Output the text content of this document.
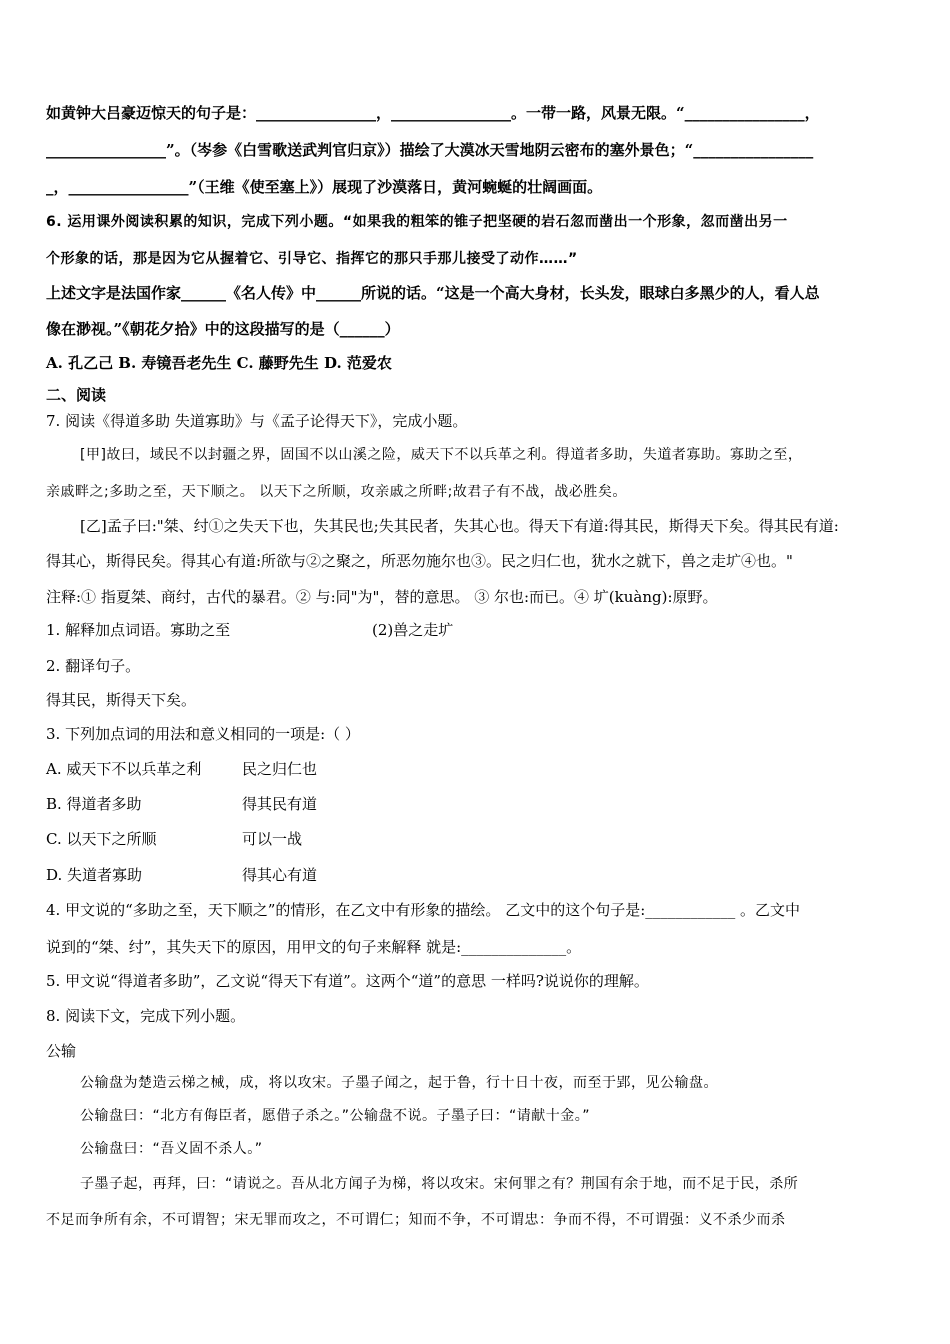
如黄钟大吕豪迈惊天的句子是：________________，________________。一带一路，风景无限。“________________，
________________”。（岑参《白雪歌送武判官归京》）描绘了大漠冰天雪地阴云密布的塞外景色；“________________
_，________________”（王维《使至塞上》）展现了沙漠落日，黄河蜿蜒的壮阔画面。
6. 运用课外阅读积累的知识，完成下列小题。“如果我的粗笨的锥子把坚硬的岩石忽而凿出一个形象，忽而凿出另一
个形象的话，那是因为它从握着它、引导它、指挥它的那只手那儿接受了动作……”
上述文字是法国作家______《名人传》中______所说的话。“这是一个高大身材，长头发，眼球白多黑少的人，看人总
像在渺视。”《朝花夕拾》中的这段描写的是（______）
A. 孔乙己 B. 寿镜吾老先生 C. 藤野先生 D. 范爱农
二、阅读
7. 阅读《得道多助 失道寡助》与《孟子论得天下》，完成小题。
[甲]故曰，域民不以封疆之界，固国不以山溪之险，威天下不以兵革之利。得道者多助，失道者寡助。寡助之至，
亲戚畔之;多助之至，天下顺之。 以天下之所顺，攻亲戚之所畔;故君子有不战，战必胜矣。
[乙]孟子曰:"桀、纣①之失天下也，失其民也;失其民者，失其心也。得天下有道:得其民，斯得天下矣。得其民有道:
得其心，斯得民矣。得其心有道:所欲与②之聚之，所恶勿施尔也③。民之归仁也，犹水之就下，兽之走圹④也。"
注释:① 指夏桀、商纣，古代的暴君。② 与:同"为"，替的意思。 ③ 尔也:而已。④ 圹(kuàng):原野。
1. 解释加点词语。寡助之至	(2)兽之走圹
2. 翻译句子。
得其民，斯得天下矣。
3. 下列加点词的用法和意义相同的一项是:（ ）
A. 威天下不以兵革之利	民之归仁也
B. 得道者多助	得其民有道
C. 以天下之所顺	可以一战
D. 失道者寡助	得其心有道
4. 甲文说的“多助之至，天下顺之”的情形，在乙文中有形象的描绘。 乙文中的这个句子是:____________ 。乙文中
说到的“桀、纣”，其失天下的原因，用甲文的句子来解释 就是:______________。
5. 甲文说“得道者多助”，乙文说“得天下有道”。这两个“道”的意思 一样吗?说说你的理解。
8. 阅读下文，完成下列小题。
公输
公输盘为楚造云梯之械，成，将以攻宋。子墨子闻之，起于鲁，行十日十夜，而至于郢，见公输盘。
公输盘曰：“北方有侮臣者，愿借子杀之。”公输盘不说。子墨子曰：“请献十金。”
公输盘曰：“吾义固不杀人。”
子墨子起，再拜，曰：“请说之。吾从北方闻子为梯，将以攻宋。宋何罪之有？荆国有余于地，而不足于民，杀所
不足而争所有余，不可谓智；宋无罪而攻之，不可谓仁；知而不争，不可谓忠：争而不得，不可谓强：义不杀少而杀
